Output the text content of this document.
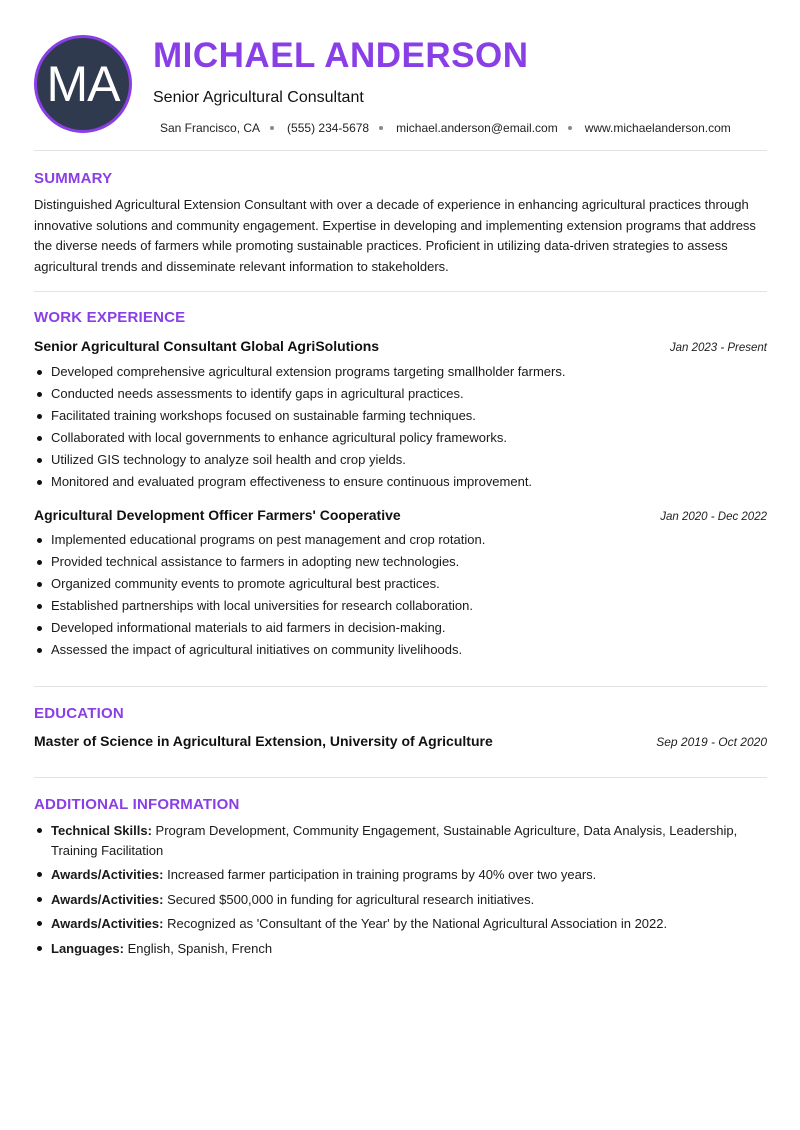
MA
MICHAEL ANDERSON
Senior Agricultural Consultant
San Francisco, CA (555) 234-5678 michael.anderson@email.com www.michaelanderson.com
SUMMARY

Distinguished Agricultural Extension Consultant with over a decade of experience in enhancing agricultural practices through innovative solutions and community engagement. Expertise in developing and implementing extension programs that address the diverse needs of farmers while promoting sustainable practices. Proficient in utilizing data-driven strategies to assess agricultural trends and disseminate relevant information to stakeholders.

WORK EXPERIENCE
Senior Agricultural Consultant Global AgriSolutions	Jan 2023 - Present
Developed comprehensive agricultural extension programs targeting smallholder farmers.
Conducted needs assessments to identify gaps in agricultural practices.
Facilitated training workshops focused on sustainable farming techniques.
Collaborated with local governments to enhance agricultural policy frameworks.
Utilized GIS technology to analyze soil health and crop yields.
Monitored and evaluated program effectiveness to ensure continuous improvement.
Agricultural Development Officer Farmers' Cooperative	Jan 2020 - Dec 2022
Implemented educational programs on pest management and crop rotation.
Provided technical assistance to farmers in adopting new technologies.
Organized community events to promote agricultural best practices.
Established partnerships with local universities for research collaboration.
Developed informational materials to aid farmers in decision-making.
Assessed the impact of agricultural initiatives on community livelihoods.
EDUCATION
Master of Science in Agricultural Extension, University of Agriculture	Sep 2019 - Oct 2020
ADDITIONAL INFORMATION
Technical Skills: Program Development, Community Engagement, Sustainable Agriculture, Data Analysis, Leadership, Training Facilitation
Awards/Activities: Increased farmer participation in training programs by 40% over two years.
Awards/Activities: Secured $500,000 in funding for agricultural research initiatives.
Awards/Activities: Recognized as 'Consultant of the Year' by the National Agricultural Association in 2022.
Languages: English, Spanish, French
